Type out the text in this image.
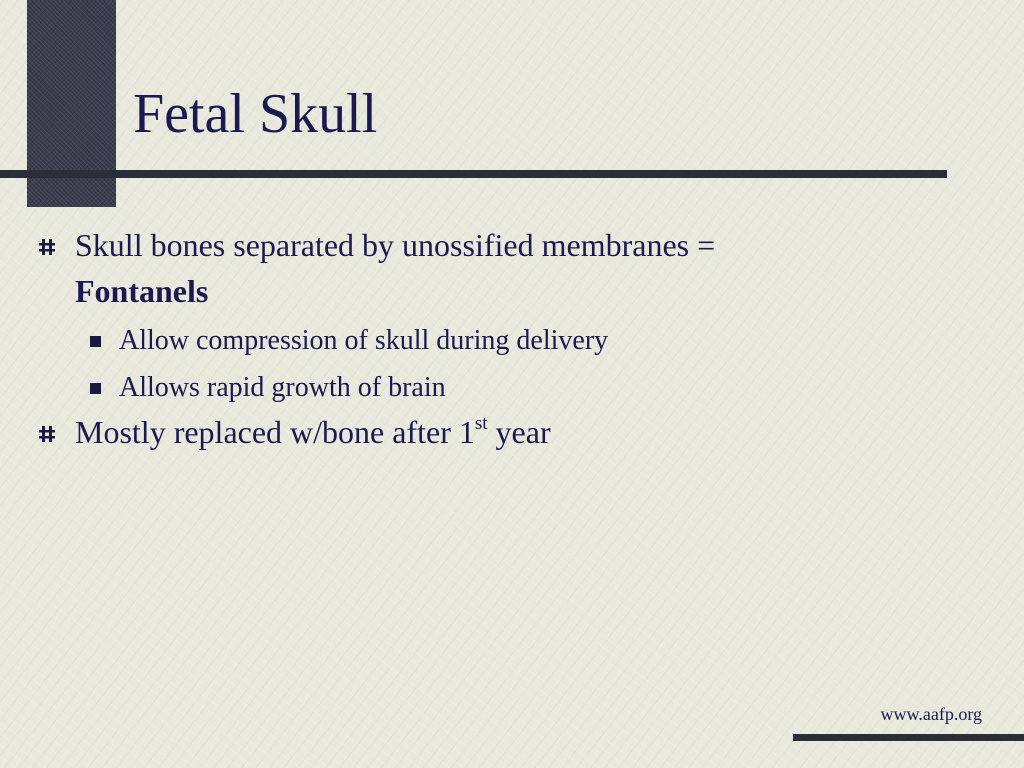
Fetal Skull
Skull bones separated by unossified membranes =
Fontanels
Allow compression of skull during delivery
Allows rapid growth of brain
Mostly replaced w/bone after 1st year
www.aafp.org
